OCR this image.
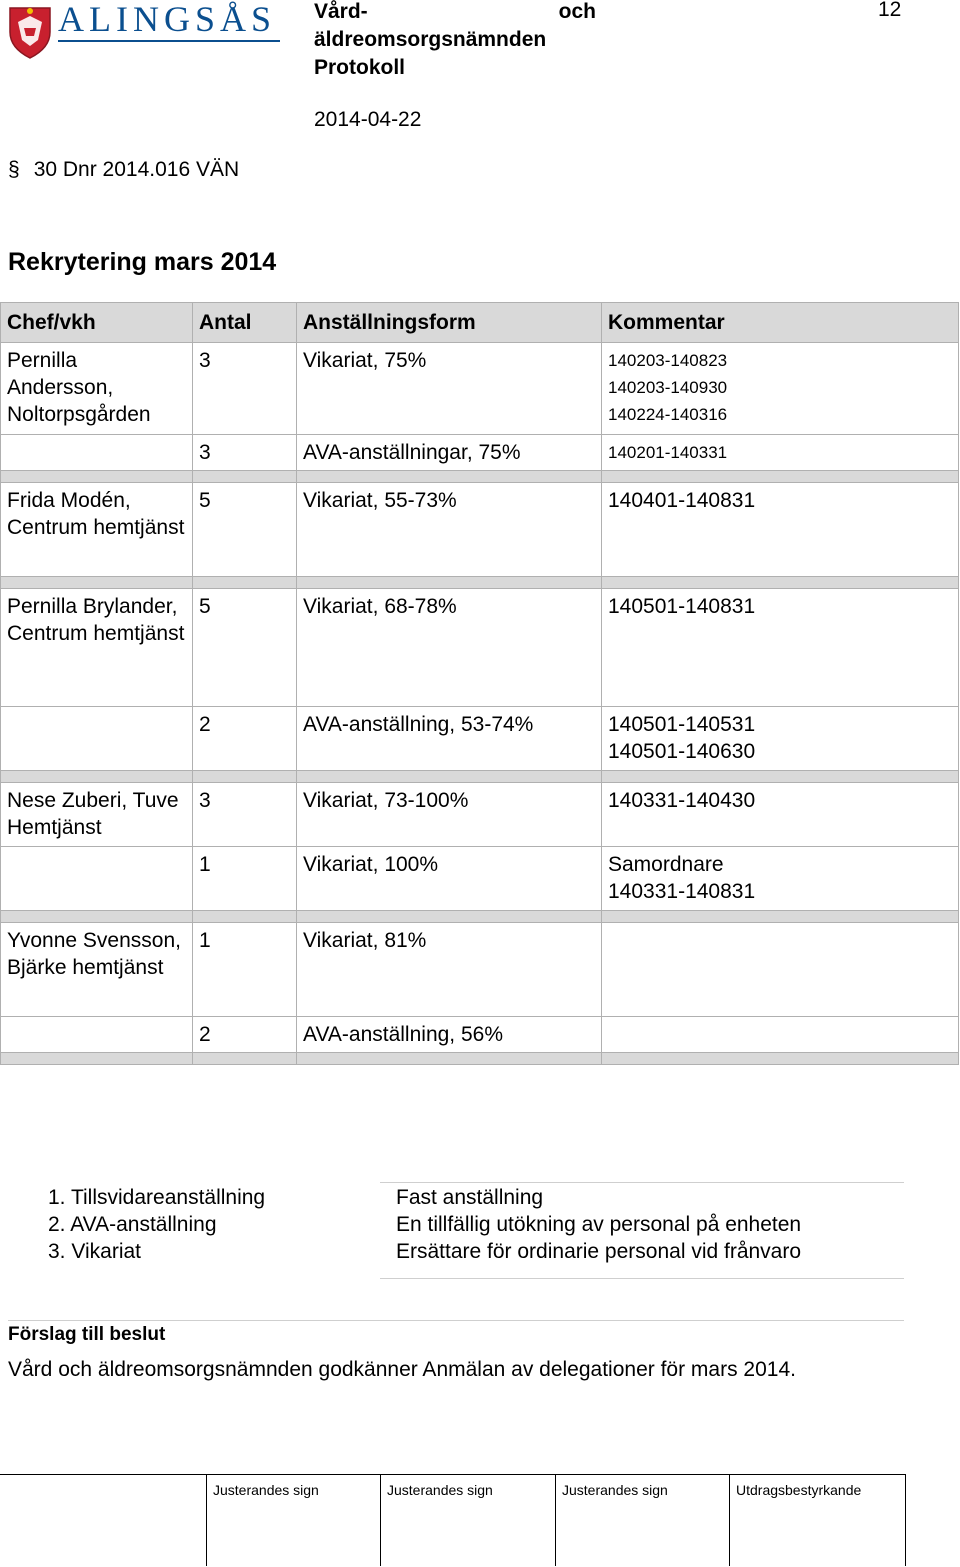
ALINGSÅS Vård-	och
äldreomsorgsnämnden
Protokoll
12
2014-04-22
§ 30 Dnr 2014.016 VÄN
Rekrytering mars 2014
Chef/vkh	Antal	Anställningsform	Kommentar
Pernilla Andersson, Noltorpsgården	3	Vikariat, 75%	140203-140823
140203-140930
140224-140316

	3	AVA-anställningar, 75%	140201-140331

Frida Modén, Centrum hemtjänst	5	Vikariat, 55-73%	140401-140831

Pernilla Brylander, Centrum hemtjänst	5	Vikariat, 68-78%	140501-140831
	2	AVA-anställning, 53-74%	140501-140531
140501-140630

Nese Zuberi, Tuve Hemtjänst	3	Vikariat, 73-100%	140331-140430
	1	Vikariat, 100%	Samordnare
140331-140831

Yvonne Svensson, Bjärke hemtjänst	1	Vikariat, 81%	
	2	AVA-anställning, 56%	

1. Tillsvidareanställning	Fast anställning
2. AVA-anställning	En tillfällig utökning av personal på enheten
3. Vikariat	Ersättare för ordinarie personal vid frånvaro
Förslag till beslut
Vård och äldreomsorgsnämnden godkänner Anmälan av delegationer för mars 2014.
Justerandes sign	Justerandes sign	Justerandes sign	Utdragsbestyrkande
